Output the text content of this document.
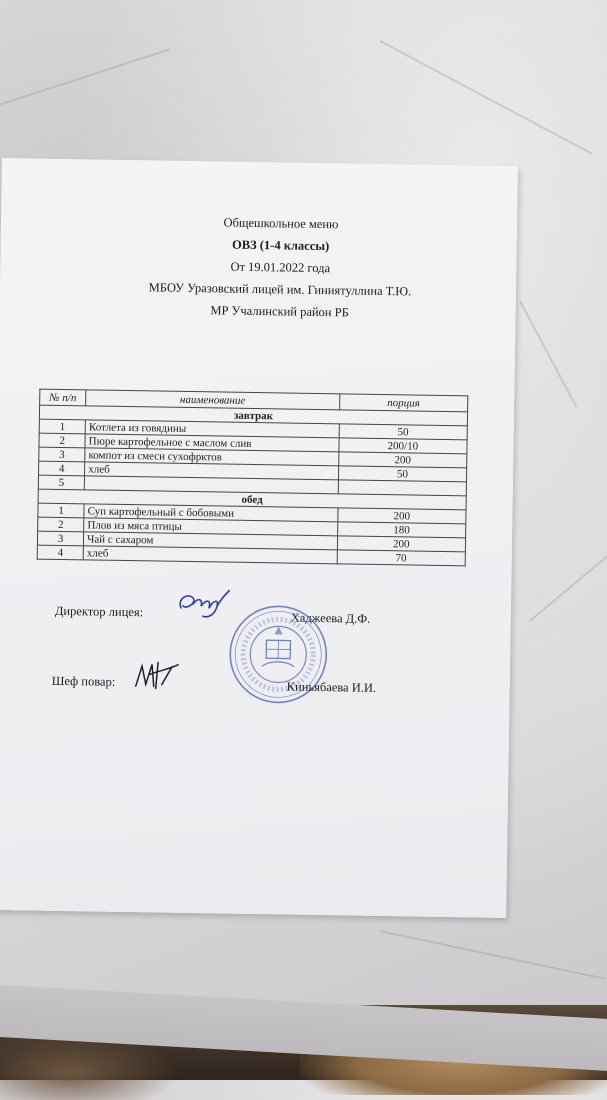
Общешкольное меню
ОВЗ (1-4 классы)
От 19.01.2022 года
МБОУ Уразовский лицей им. Гиниятуллина Т.Ю.
МР Учалинский район РБ
№ п/п	наименование	порция
завтрак		
1	Котлета из говядины	50
2	Пюре картофельное с маслом слив	200/10
3	компот из смеси сухофрктов	200
4	хлеб	50
5		
обед		
1	Суп картофельный с бобовыми	200
2	Плов из мяса птицы	180
3	Чай с сахаром	200
4	хлеб	70
Директор лицея:	Хаджеева Д.Ф.
Шеф повар:	Киньябаева И.И.
